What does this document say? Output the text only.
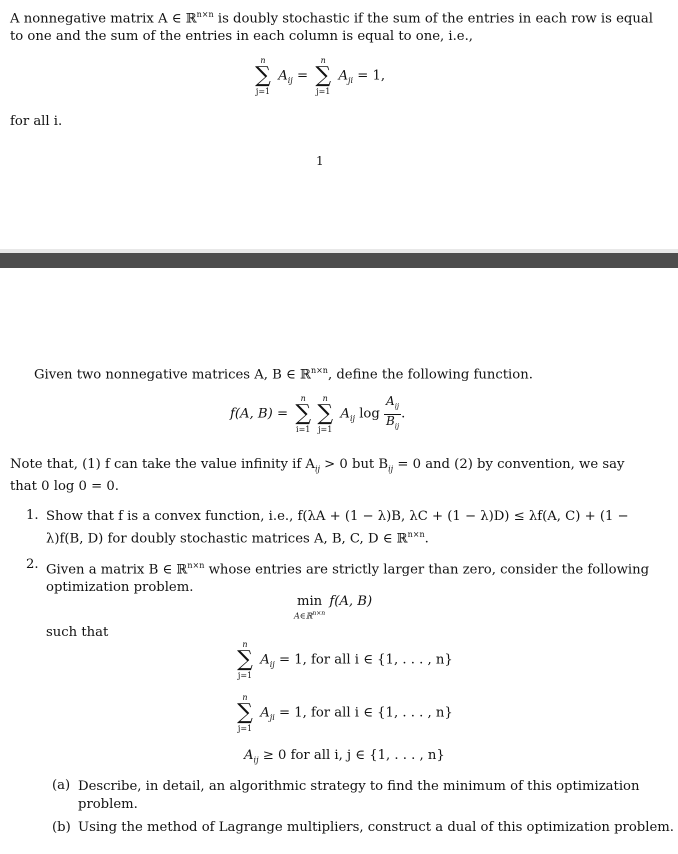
A nonnegative matrix A ∈ ℝ$^{n\times n}$ is doubly stochastic if the sum of the entries in each row is equal
to one and the sum of the entries in each column is equal to one, i.e.,
n
∑
j=1
$A_{ij}$ =
n
∑
j=1
$A_{ji} = 1$,
for all i.
1
Given two nonnegative matrices A, B ∈ ℝ$^{n\times n}$, define the following function.
f(A, B) =
n
∑
i=1
n
∑
j=1
$A_{ij}$ $\log \frac{A_{ij}}{B_{ij}}$ .
Note that, (1) f can take the value infinity if $A_{ij} > 0$ but $B_{ij} = 0$ and (2) by convention, we say
that 0 log 0 = 0.
1. Show that f is a convex function, i.e., f(λA + (1 − λ)B, λC + (1 − λ)D) ≤ λf(A, C) + (1 −
λ)f(B, D) for doubly stochastic matrices A, B, C, D ∈ ℝ$^{n\times n}$.
2. Given a matrix B ∈ ℝ$^{n\times n}$ whose entries are strictly larger than zero, consider the following
optimization problem.
min
A∈ℝ$^{n\times n}$
f(A, B)
such that
n
∑
j=1
$A_{ij} = 1$, for all i ∈ {1, . . . , n}
n
∑
j=1
$A_{ji} = 1$, for all i ∈ {1, . . . , n}
$A_{ij} \ge 0$ for all i, j ∈ {1, . . . , n}
(a) Describe, in detail, an algorithmic strategy to find the minimum of this optimization
problem.
(b) Using the method of Lagrange multipliers, construct a dual of this optimization problem.
